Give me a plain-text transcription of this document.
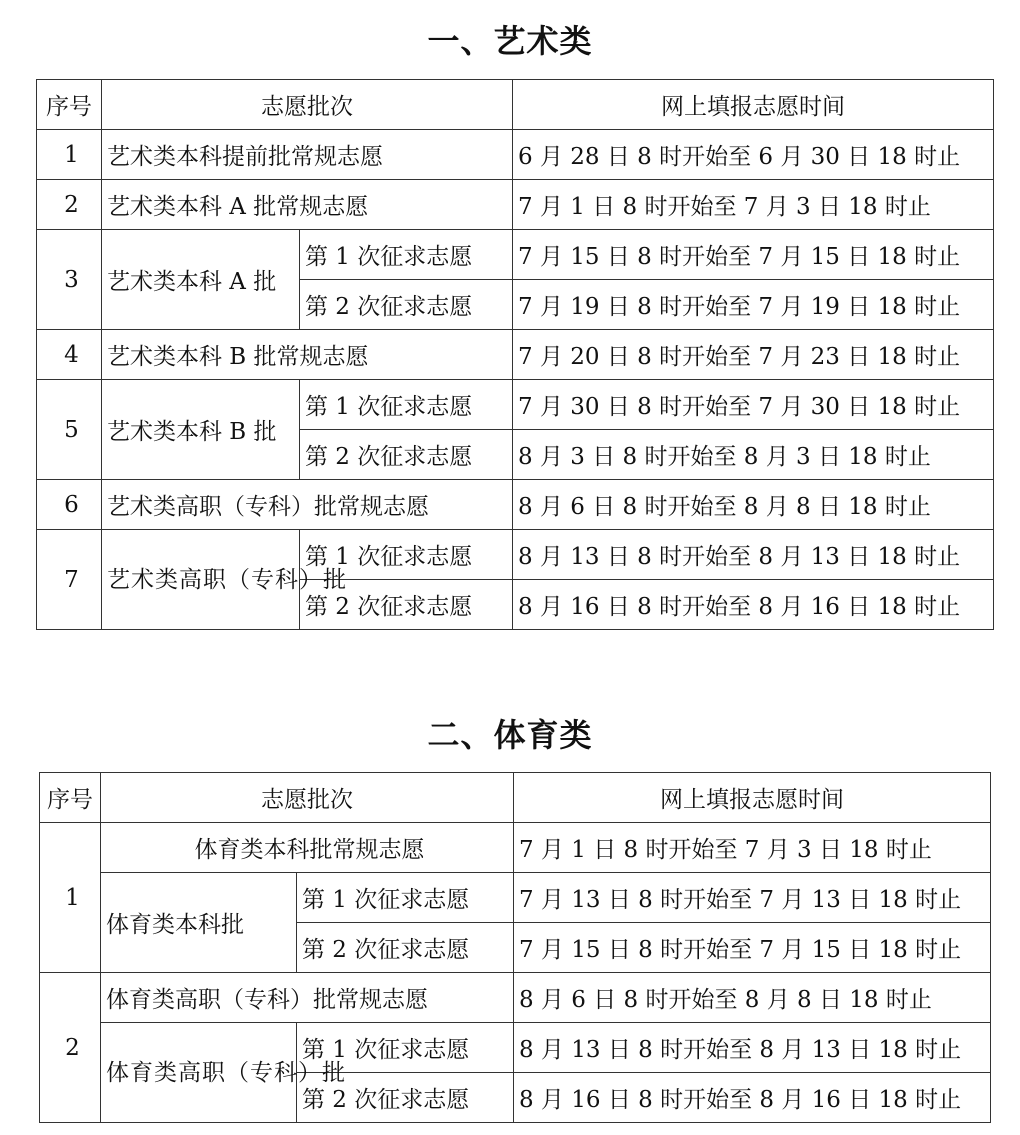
一、艺术类
序号	志愿批次		网上填报志愿时间
1	艺术类本科提前批常规志愿		6 月 28 日 8 时开始至 6 月 30 日 18 时止
2	艺术类本科 A 批常规志愿		7 月 1 日 8 时开始至 7 月 3 日 18 时止
3	艺术类本科 A 批	第 1 次征求志愿	7 月 15 日 8 时开始至 7 月 15 日 18 时止
		第 2 次征求志愿	7 月 19 日 8 时开始至 7 月 19 日 18 时止
4	艺术类本科 B 批常规志愿		7 月 20 日 8 时开始至 7 月 23 日 18 时止
5	艺术类本科 B 批	第 1 次征求志愿	7 月 30 日 8 时开始至 7 月 30 日 18 时止
		第 2 次征求志愿	8 月 3 日 8 时开始至 8 月 3 日 18 时止
6	艺术类高职（专科）批常规志愿		8 月 6 日 8 时开始至 8 月 8 日 18 时止
7	艺术类高职（专科）批	第 1 次征求志愿	8 月 13 日 8 时开始至 8 月 13 日 18 时止
		第 2 次征求志愿	8 月 16 日 8 时开始至 8 月 16 日 18 时止
二、体育类
序号	志愿批次		网上填报志愿时间
1	体育类本科批常规志愿		7 月 1 日 8 时开始至 7 月 3 日 18 时止
	体育类本科批	第 1 次征求志愿	7 月 13 日 8 时开始至 7 月 13 日 18 时止
		第 2 次征求志愿	7 月 15 日 8 时开始至 7 月 15 日 18 时止
2	体育类高职（专科）批常规志愿		8 月 6 日 8 时开始至 8 月 8 日 18 时止
	体育类高职（专科）批	第 1 次征求志愿	8 月 13 日 8 时开始至 8 月 13 日 18 时止
		第 2 次征求志愿	8 月 16 日 8 时开始至 8 月 16 日 18 时止
